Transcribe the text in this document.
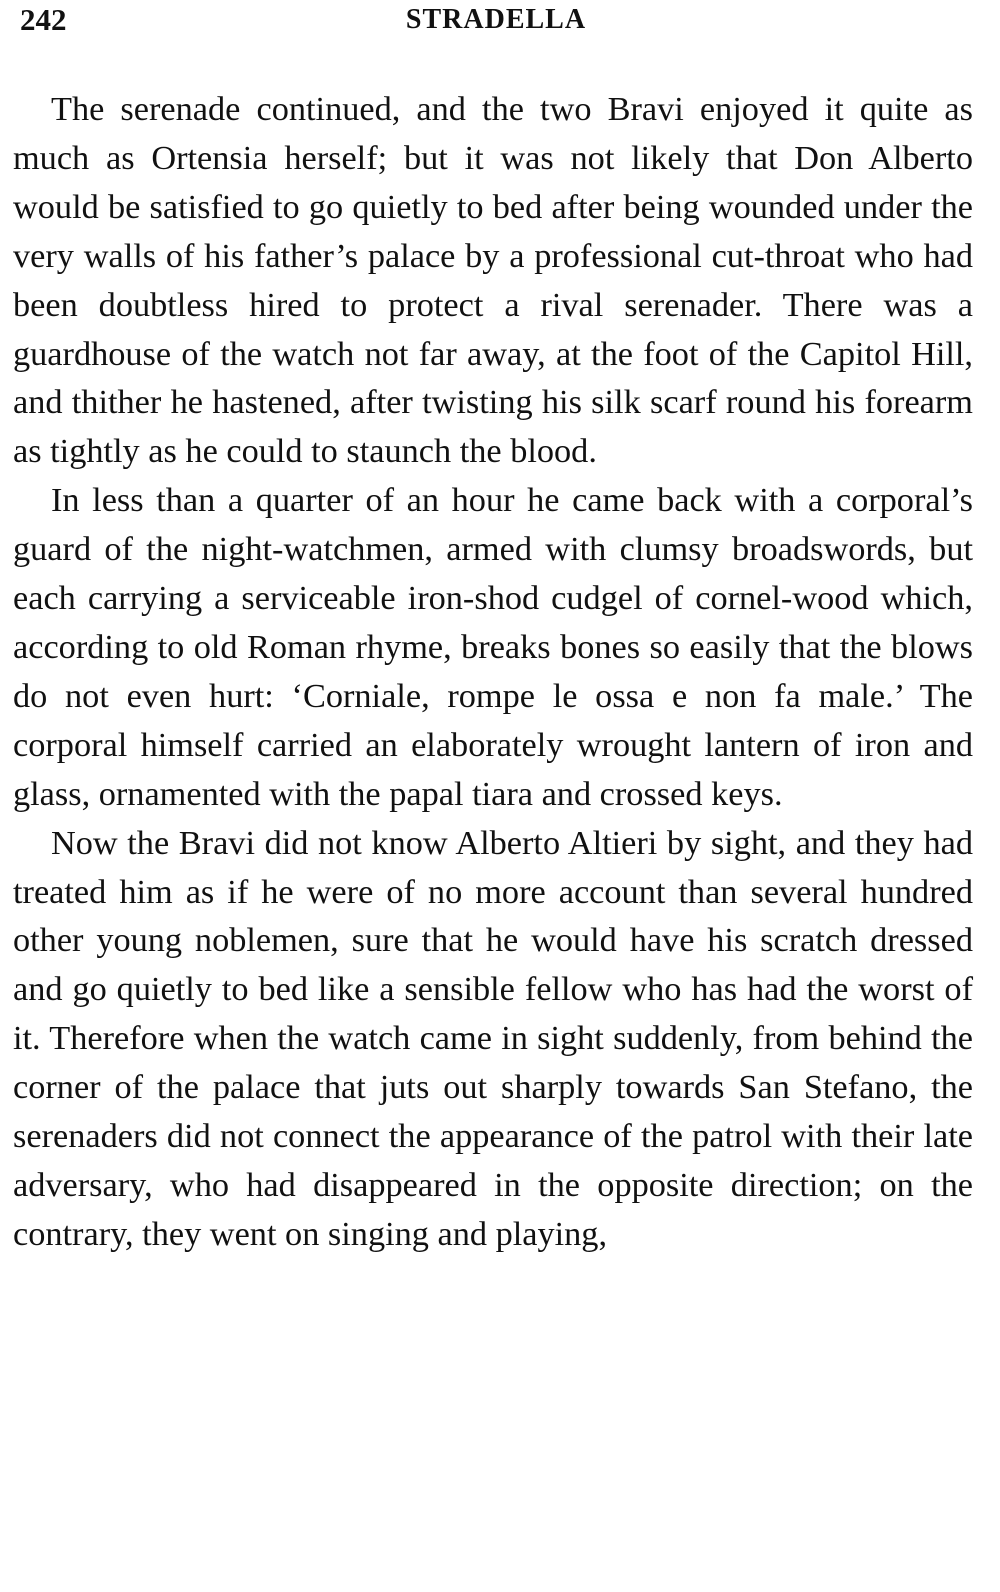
242	STRADELLA

The serenade continued, and the two Bravi enjoyed it quite as much as Ortensia herself; but it was not likely that Don Alberto would be satisfied to go quietly to bed after being wounded under the very walls of his father’s palace by a professional cut-throat who had been doubtless hired to protect a rival serenader. There was a guardhouse of the watch not far away, at the foot of the Capitol Hill, and thither he hastened, after twisting his silk scarf round his forearm as tightly as he could to staunch the blood.

In less than a quarter of an hour he came back with a corporal’s guard of the night-watchmen, armed with clumsy broadswords, but each carrying a serviceable iron-shod cudgel of cornel-wood which, according to old Roman rhyme, breaks bones so easily that the blows do not even hurt: ‘Corniale, rompe le ossa e non fa male.’ The corporal himself carried an elaborately wrought lantern of iron and glass, ornamented with the papal tiara and crossed keys.

Now the Bravi did not know Alberto Altieri by sight, and they had treated him as if he were of no more account than several hundred other young noblemen, sure that he would have his scratch dressed and go quietly to bed like a sensible fellow who has had the worst of it. Therefore when the watch came in sight suddenly, from behind the corner of the palace that juts out sharply towards San Stefano, the serenaders did not connect the appearance of the patrol with their late adversary, who had disappeared in the opposite direction; on the contrary, they went on singing and playing,
